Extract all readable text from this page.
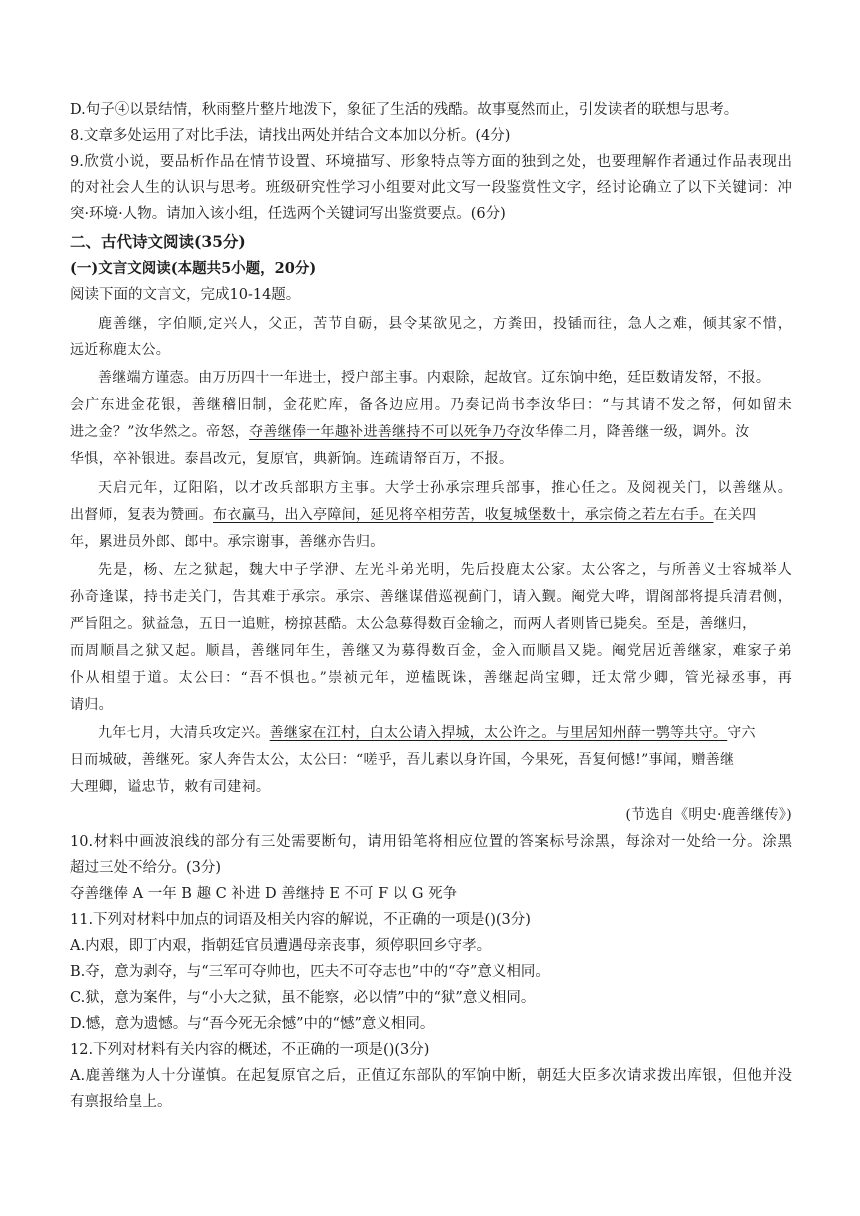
D.句子④以景结情，秋雨整片整片地泼下，象征了生活的残酷。故事戛然而止，引发读者的联想与思考。
8.文章多处运用了对比手法，请找出两处并结合文本加以分析。(4分)
9.欣赏小说，要品析作品在情节设置、环境描写、形象特点等方面的独到之处，也要理解作者通过作品表现出
的对社会人生的认识与思考。班级研究性学习小组要对此文写一段鉴赏性文字，经讨论确立了以下关键词：冲
突·环境·人物。请加入该小组，任选两个关键词写出鉴赏要点。(6分)
二、古代诗文阅读(35分)
(一)文言文阅读(本题共5小题，20分)
阅读下面的文言文，完成10-14题。
鹿善继，字伯顺,定兴人，父正，苦节自砺，县令某欲见之，方粪田，投锸而往，急人之难，倾其家不惜，
远近称鹿太公。
善继端方谨悫。由万历四十一年进士，授户部主事。内艰除，起故官。辽东饷中绝，廷臣数请发帑，不报。
会广东进金花银，善继稽旧制，金花贮库，备各边应用。乃奏记尚书李汝华曰：“与其请不发之帑，何如留未
进之金？”汝华然之。帝怒，夺善继俸一年趣补进善继持不可以死争乃夺汝华俸二月，降善继一级，调外。汝
华惧，卒补银进。泰昌改元，复原官，典新饷。连疏请帑百万，不报。
天启元年，辽阳陷，以才改兵部职方主事。大学士孙承宗理兵部事，推心任之。及阅视关门，以善继从。
出督师，复表为赞画。布衣赢马，出入亭障间，延见将卒相劳苦，收复城堡数十，承宗倚之若左右手。在关四
年，累进员外郎、郎中。承宗谢事，善继亦告归。
先是，杨、左之狱起，魏大中子学洢、左光斗弟光明，先后投鹿太公家。太公客之，与所善义士容城举人
孙奇逢谋，持书走关门，告其难于承宗。承宗、善继谋借巡视蓟门，请入觐。阉党大哗，谓阁部将提兵清君侧，
严旨阻之。狱益急，五日一追赃，榜掠甚酷。太公急募得数百金输之，而两人者则皆已毙矣。至是，善继归，
而周顺昌之狱又起。顺昌，善继同年生，善继又为募得数百金，金入而顺昌又毙。阉党居近善继家，难家子弟
仆从相望于道。太公曰：“吾不惧也。”崇祯元年，逆榼既诛，善继起尚宝卿，迁太常少卿，管光禄丞事，再
请归。
九年七月，大清兵攻定兴。善继家在江村，白太公请入捍城，太公许之。与里居知州薛一鹗等共守。守六
日而城破，善继死。家人奔告太公，太公曰：“嗟乎，吾儿素以身许国，今果死，吾复何憾!”事闻，赠善继
大理卿，谥忠节，敕有司建祠。
(节选自《明史·鹿善继传》)
10.材料中画波浪线的部分有三处需要断句，请用铅笔将相应位置的答案标号涂黑，每涂对一处给一分。涂黑
超过三处不给分。(3分)
夺善继俸 A 一年 B 趣 C 补进 D 善继持 E 不可 F 以 G 死争
11.下列对材料中加点的词语及相关内容的解说，不正确的一项是()(3分)
A.内艰，即丁内艰，指朝廷官员遭遇母亲丧事，须停职回乡守孝。
B.夺，意为剥夺，与“三军可夺帅也，匹夫不可夺志也”中的“夺”意义相同。
C.狱，意为案件，与“小大之狱，虽不能察，必以情”中的“狱”意义相同。
D.憾，意为遗憾。与“吾今死无余憾”中的“憾”意义相同。
12.下列对材料有关内容的概述，不正确的一项是()(3分)
A.鹿善继为人十分谨慎。在起复原官之后，正值辽东部队的军饷中断，朝廷大臣多次请求拨出库银，但他并没
有禀报给皇上。
